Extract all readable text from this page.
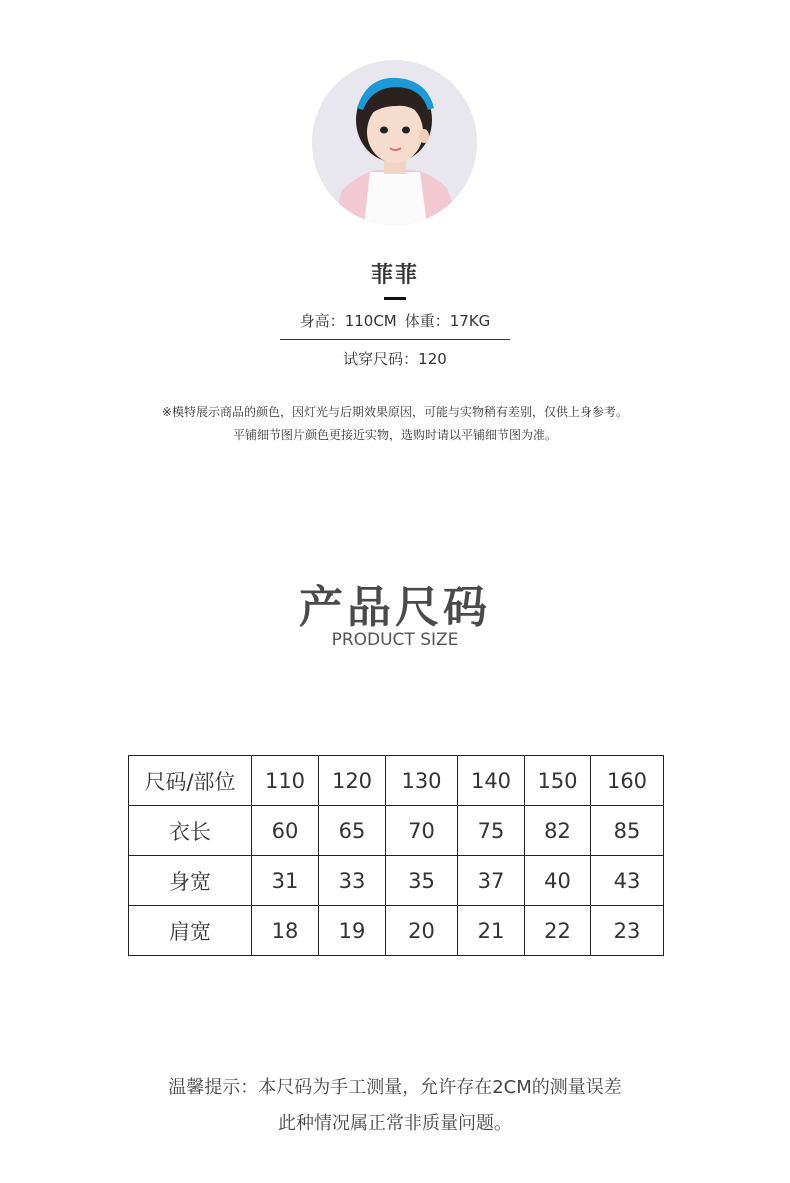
菲菲
身高：110CM 体重：17KG
试穿尺码：120
※模特展示商品的颜色，因灯光与后期效果原因，可能与实物稍有差别，仅供上身参考。
平铺细节图片颜色更接近实物，选购时请以平铺细节图为准。
产品尺码
PRODUCT SIZE
尺码/部位	110	120	130	140	150	160
衣长	60	65	70	75	82	85
身宽	31	33	35	37	40	43
肩宽	18	19	20	21	22	23
温馨提示：本尺码为手工测量，允许存在2CM的测量误差
此种情况属正常非质量问题。
